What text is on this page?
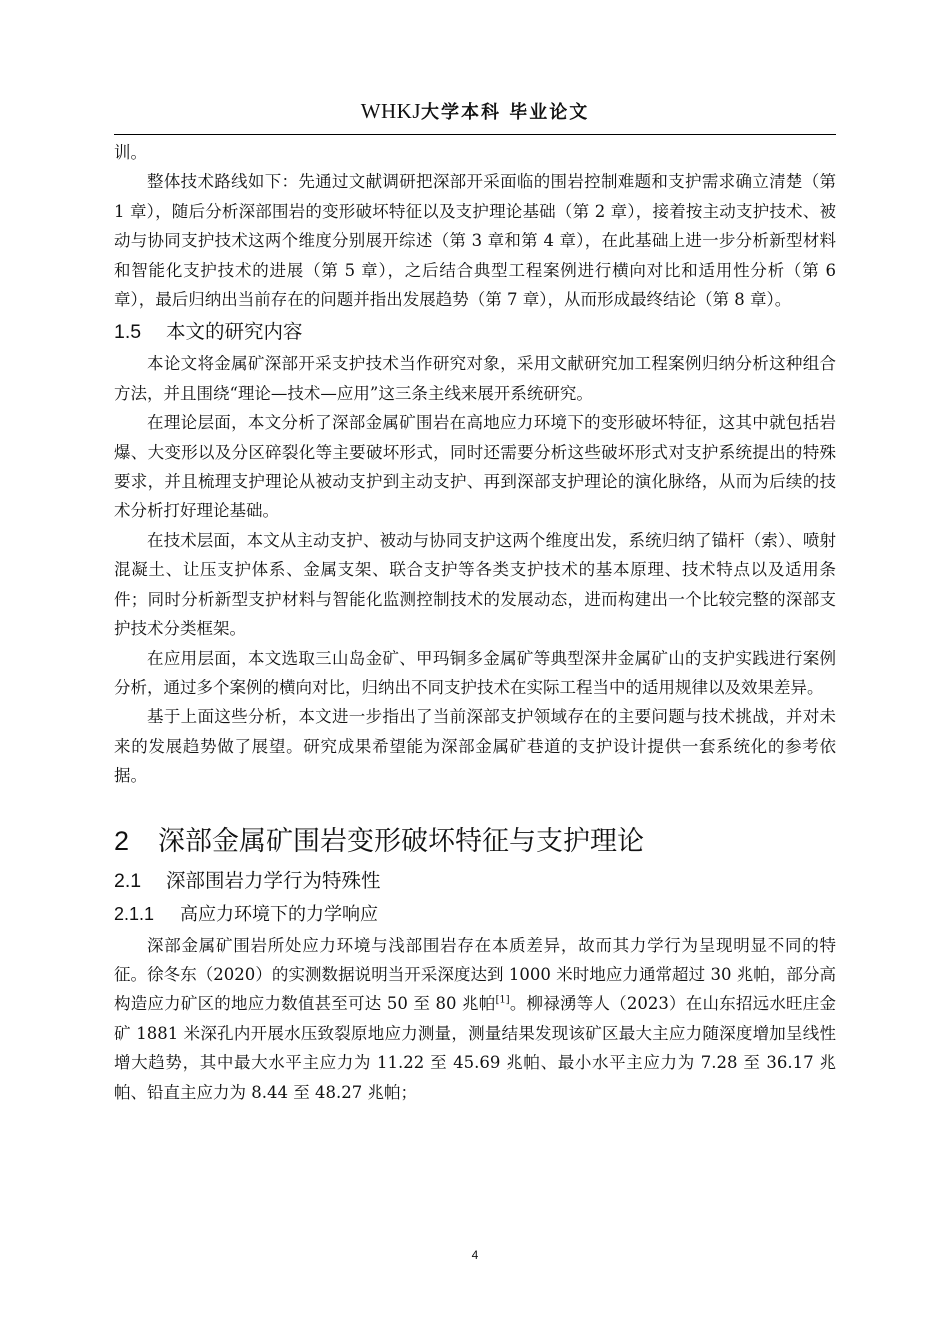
WHKJ大学本科 毕业论文

训。

整体技术路线如下：先通过文献调研把深部开采面临的围岩控制难题和支护需求确立清楚（第 1 章），随后分析深部围岩的变形破坏特征以及支护理论基础（第 2 章），接着按主动支护技术、被动与协同支护技术这两个维度分别展开综述（第 3 章和第 4 章），在此基础上进一步分析新型材料和智能化支护技术的进展（第 5 章），之后结合典型工程案例进行横向对比和适用性分析（第 6 章），最后归纳出当前存在的问题并指出发展趋势（第 7 章），从而形成最终结论（第 8 章）。

1.5 本文的研究内容

本论文将金属矿深部开采支护技术当作研究对象，采用文献研究加工程案例归纳分析这种组合方法，并且围绕“理论—技术—应用”这三条主线来展开系统研究。

在理论层面，本文分析了深部金属矿围岩在高地应力环境下的变形破坏特征，这其中就包括岩爆、大变形以及分区碎裂化等主要破坏形式，同时还需要分析这些破坏形式对支护系统提出的特殊要求，并且梳理支护理论从被动支护到主动支护、再到深部支护理论的演化脉络，从而为后续的技术分析打好理论基础。

在技术层面，本文从主动支护、被动与协同支护这两个维度出发，系统归纳了锚杆（索）、喷射混凝土、让压支护体系、金属支架、联合支护等各类支护技术的基本原理、技术特点以及适用条件；同时分析新型支护材料与智能化监测控制技术的发展动态，进而构建出一个比较完整的深部支护技术分类框架。

在应用层面，本文选取三山岛金矿、甲玛铜多金属矿等典型深井金属矿山的支护实践进行案例分析，通过多个案例的横向对比，归纳出不同支护技术在实际工程当中的适用规律以及效果差异。

基于上面这些分析，本文进一步指出了当前深部支护领域存在的主要问题与技术挑战，并对未来的发展趋势做了展望。研究成果希望能为深部金属矿巷道的支护设计提供一套系统化的参考依据。

2 深部金属矿围岩变形破坏特征与支护理论
2.1 深部围岩力学行为特殊性
2.1.1 高应力环境下的力学响应

深部金属矿围岩所处应力环境与浅部围岩存在本质差异，故而其力学行为呈现明显不同的特征。徐冬东（2020）的实测数据说明当开采深度达到 1000 米时地应力通常超过 30 兆帕，部分高构造应力矿区的地应力数值甚至可达 50 至 80 兆帕[1]。柳禄湧等人（2023）在山东招远水旺庄金矿 1881 米深孔内开展水压致裂原地应力测量，测量结果发现该矿区最大主应力随深度增加呈线性增大趋势，其中最大水平主应力为 11.22 至 45.69 兆帕、最小水平主应力为 7.28 至 36.17 兆帕、铅直主应力为 8.44 至 48.27 兆帕；

4
